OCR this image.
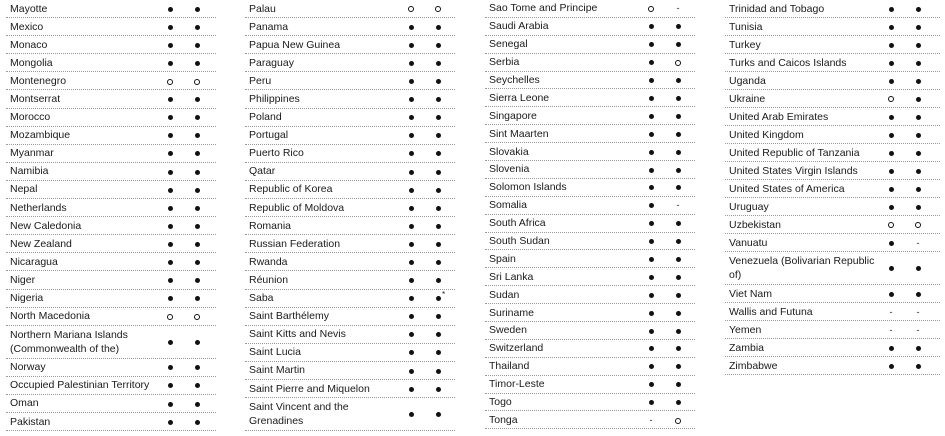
Mayotte
Mexico
Monaco
Mongolia
Montenegro
Montserrat
Morocco
Mozambique
Myanmar
Namibia
Nepal
Netherlands
New Caledonia
New Zealand
Nicaragua
Niger
Nigeria
North Macedonia
Northern Mariana Islands (Commonwealth of the)
Norway
Occupied Palestinian Territory
Oman
Pakistan
Palau
Panama
Papua New Guinea
Paraguay
Peru
Philippines
Poland
Portugal
Puerto Rico
Qatar
Republic of Korea
Republic of Moldova
Romania
Russian Federation
Rwanda
Réunion
Saba
*
Saint Barthélemy
Saint Kitts and Nevis
Saint Lucia
Saint Martin
Saint Pierre and Miquelon
Saint Vincent and the Grenadines
Sao Tome and Principe
-
Saudi Arabia
Senegal
Serbia
Seychelles
Sierra Leone
Singapore
Sint Maarten
Slovakia
Slovenia
Solomon Islands
Somalia
-
South Africa
South Sudan
Spain
Sri Lanka
Sudan
Suriname
Sweden
Switzerland
Thailand
Timor-Leste
Togo
Tonga
-
Trinidad and Tobago
Tunisia
Turkey
Turks and Caicos Islands
Uganda
Ukraine
United Arab Emirates
United Kingdom
United Republic of Tanzania
United States Virgin Islands
United States of America
Uruguay
Uzbekistan
Vanuatu
-
Venezuela (Bolivarian Republic of)
Viet Nam
Wallis and Futuna
-
-
Yemen
-
-
Zambia
Zimbabwe
